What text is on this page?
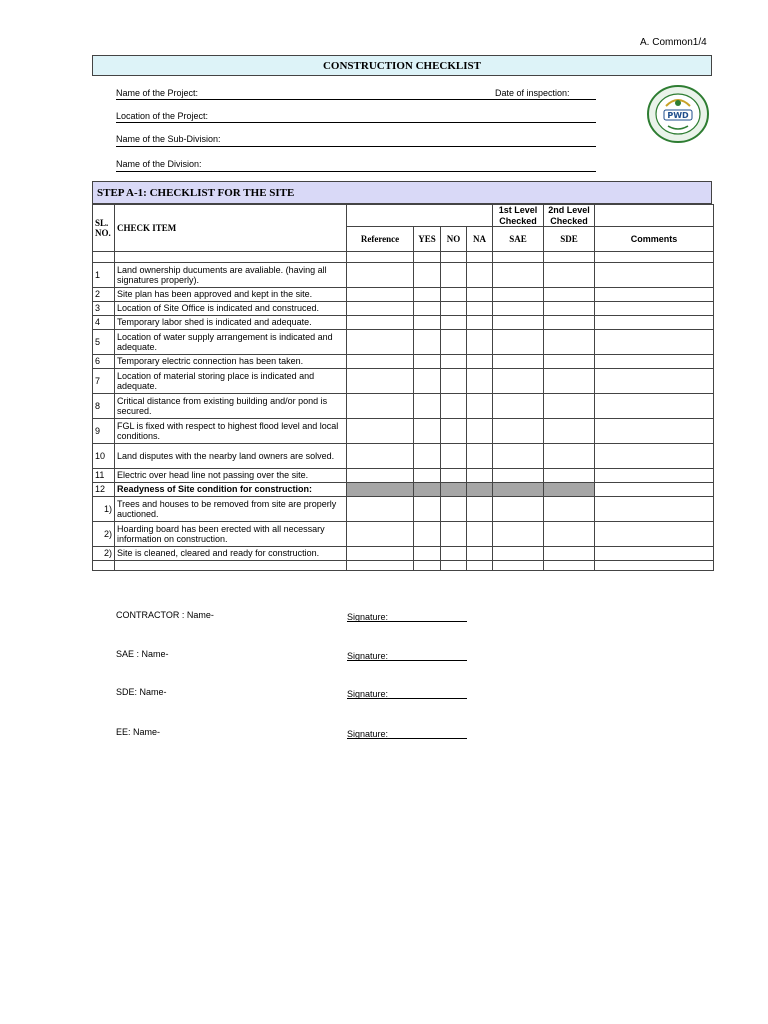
A. Common1/4
CONSTRUCTION CHECKLIST
Name of the Project:	Date of inspection:
Location of the Project:
Name of the Sub-Division:
Name of the Division:
PWD
STEP A-1: CHECKLIST FOR THE SITE
SL. NO.	CHECK ITEM					1st Level Checked	2nd Level Checked	
		Reference	YES	NO	NA	SAE	SDE	Comments

1	Land ownership ducuments are avaliable. (having all signatures properly).							
2	Site plan has been approved and kept in the site.							
3	Location of Site Office is indicated and construced.							
4	Temporary labor shed is indicated and adequate.							
5	Location of water supply arrangement is indicated and adequate.							
6	Temporary electric connection has been taken.							
7	Location of material storing place is indicated and adequate.							
8	Critical distance from existing building and/or pond is secured.							
9	FGL is fixed with respect to highest flood level and local conditions.							
10	Land disputes with the nearby land owners are solved.							
11	Electric over head line not passing over the site.							
12	Readyness of Site condition for construction:							
1)	Trees and houses to be removed from site are properly auctioned.							
2)	Hoarding board has been erected with all necessary information on construction.							
2)	Site is cleaned, cleared and ready for construction.							

CONTRACTOR : Name-	Signature:
SAE : Name-	Signature:
SDE: Name-	Signature:
EE: Name-	Signature:
